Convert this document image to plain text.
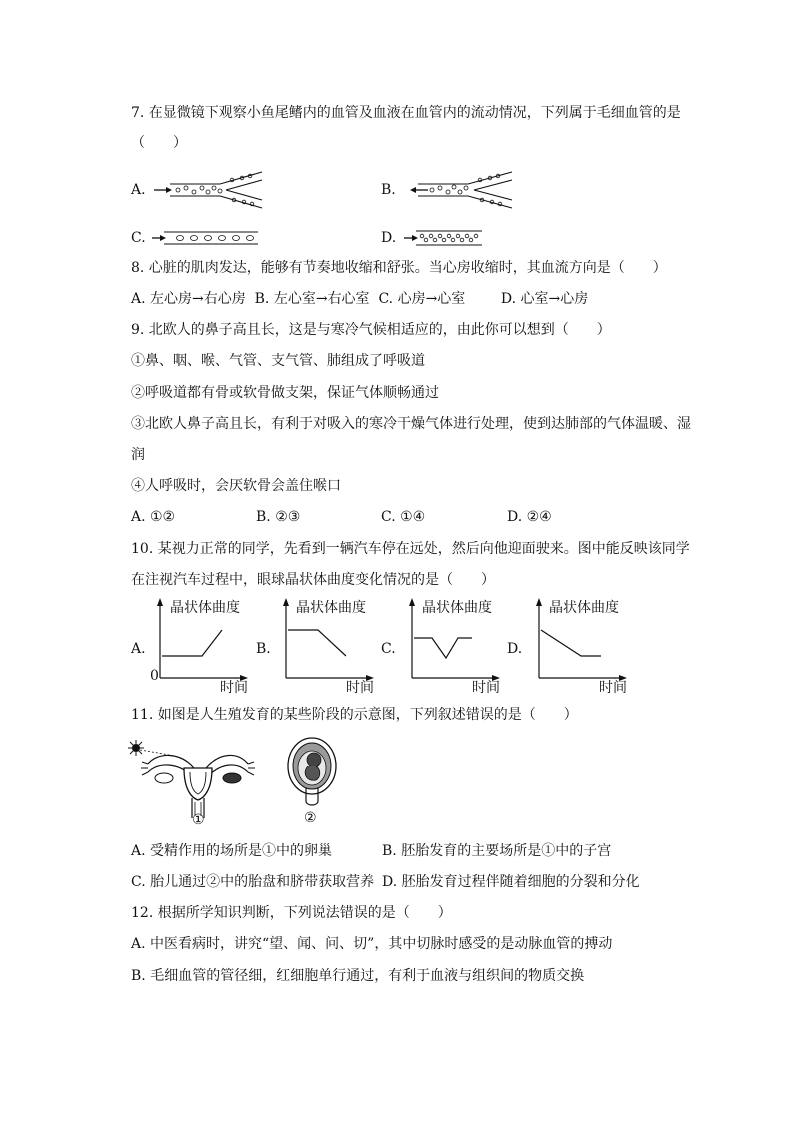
7. 在显微镜下观察小鱼尾鳍内的血管及血液在血管内的流动情况，下列属于毛细血管的是
（　　）
A.	B.
C.	D.
8. 心脏的肌肉发达，能够有节奏地收缩和舒张。当心房收缩时，其血流方向是（　　）
A. 左心房→右心房  B. 左心室→右心室  C. 心房→心室        D. 心室→心房
9. 北欧人的鼻子高且长，这是与寒冷气候相适应的，由此你可以想到（　　）
①鼻、咽、喉、气管、支气管、肺组成了呼吸道
②呼吸道都有骨或软骨做支架，保证气体顺畅通过
③北欧人鼻子高且长，有利于对吸入的寒冷干燥气体进行处理，使到达肺部的气体温暖、湿
润
④人呼吸时，会厌软骨会盖住喉口
A. ①②	B. ②③	C. ①④	D. ②④
10. 某视力正常的同学，先看到一辆汽车停在远处，然后向他迎面驶来。图中能反映该同学
在注视汽车过程中，眼球晶状体曲度变化情况的是（　　）
A.
晶状体曲度
0
时间
B.
晶状体曲度
时间
C.
晶状体曲度
时间
D.
晶状体曲度
时间
11. 如图是人生殖发育的某些阶段的示意图，下列叙述错误的是（　　）
①	②
A. 受精作用的场所是①中的卵巢	B. 胚胎发育的主要场所是①中的子宫
C. 胎儿通过②中的胎盘和脐带获取营养 D. 胚胎发育过程伴随着细胞的分裂和分化
12. 根据所学知识判断，下列说法错误的是（　　）
A. 中医看病时，讲究“望、闻、问、切”，其中切脉时感受的是动脉血管的搏动
B. 毛细血管的管径细，红细胞单行通过，有利于血液与组织间的物质交换
